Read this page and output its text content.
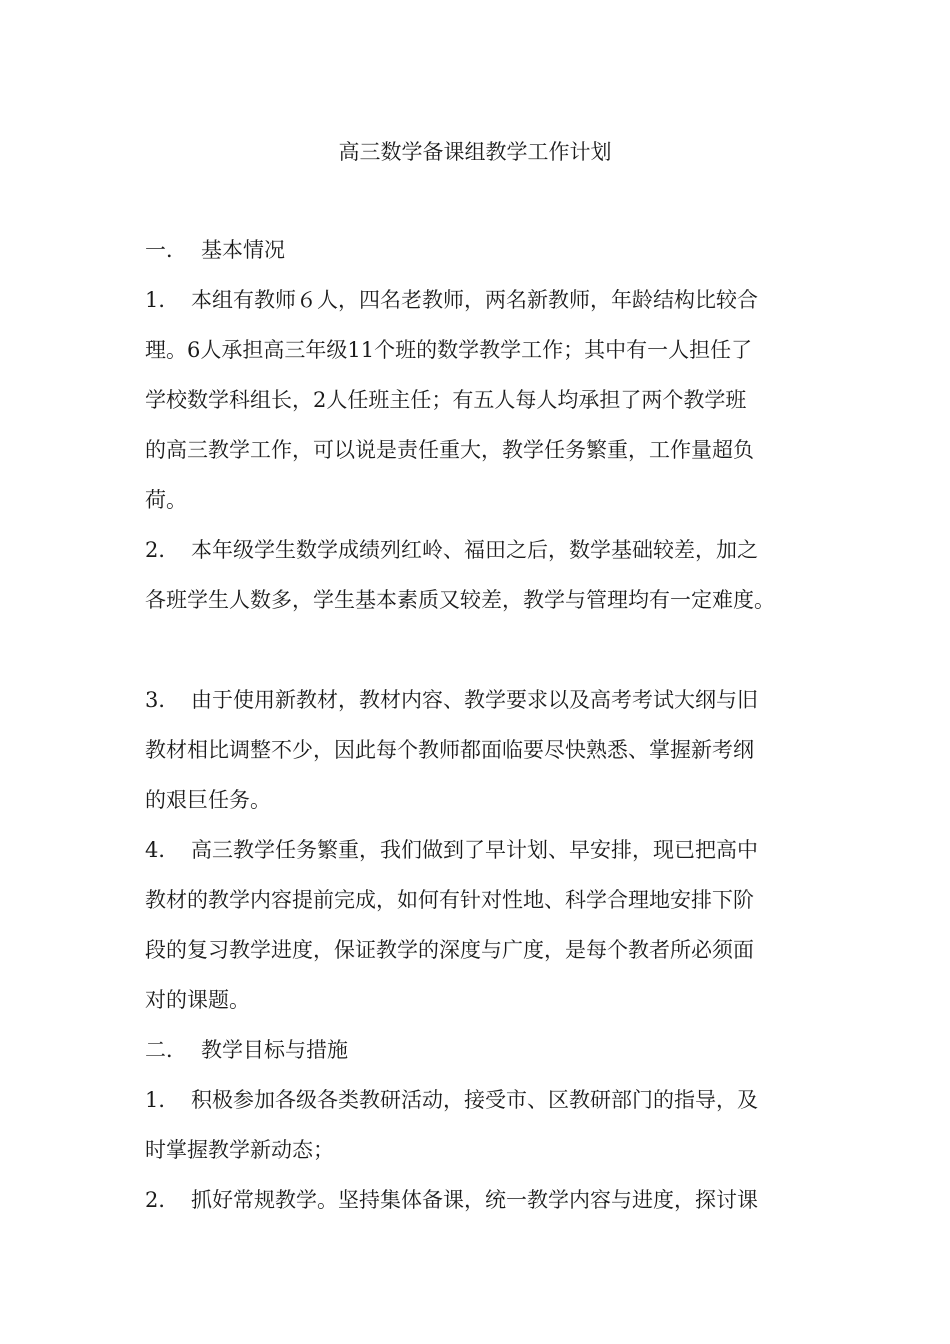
高三数学备课组教学工作计划

一． 基本情况

1． 本组有教师６人，四名老教师，两名新教师，年龄结构比较合

理。6人承担高三年级11个班的数学教学工作；其中有一人担任了

学校数学科组长，2人任班主任；有五人每人均承担了两个教学班

的高三教学工作，可以说是责任重大，教学任务繁重，工作量超负

荷。

2． 本年级学生数学成绩列红岭、福田之后，数学基础较差，加之

各班学生人数多，学生基本素质又较差，教学与管理均有一定难度。

3． 由于使用新教材，教材内容、教学要求以及高考考试大纲与旧

教材相比调整不少，因此每个教师都面临要尽快熟悉、掌握新考纲

的艰巨任务。

4． 高三教学任务繁重，我们做到了早计划、早安排，现已把高中

教材的教学内容提前完成，如何有针对性地、科学合理地安排下阶

段的复习教学进度，保证教学的深度与广度，是每个教者所必须面

对的课题。

二． 教学目标与措施

1． 积极参加各级各类教研活动，接受市、区教研部门的指导，及

时掌握教学新动态；

2． 抓好常规教学。坚持集体备课，统一教学内容与进度，探讨课
